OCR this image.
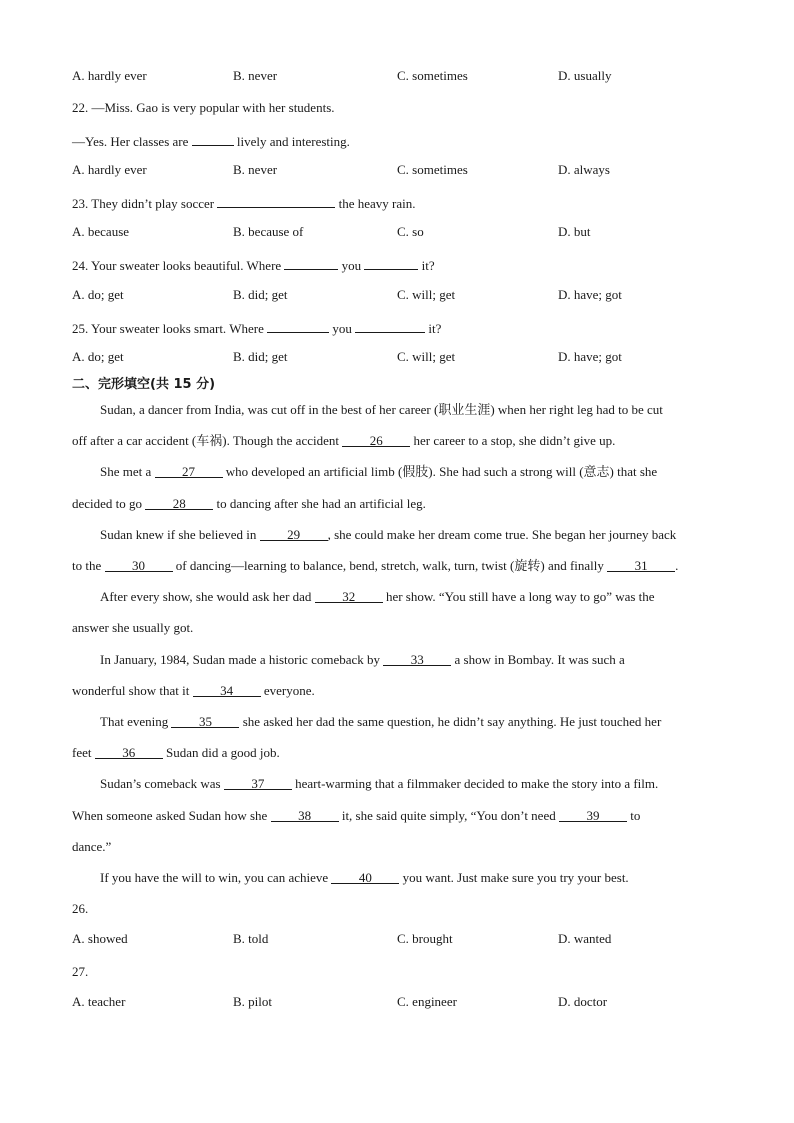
A. hardly ever	B. never	C. sometimes	D. usually
22. —Miss. Gao is very popular with her students.
—Yes. Her classes are	lively and interesting.
A. hardly ever	B. never	C. sometimes	D. always
23. They didn’t play soccer	the heavy rain.
A. because	B. because of	C. so	D. but
24. Your sweater looks beautiful. Where	you	it?
A. do; get	B. did; get	C. will; get	D. have; got
25. Your sweater looks smart. Where	you	it?
A. do; get	B. did; get	C. will; get	D. have; got
二、完形填空(共 15 分)
Sudan, a dancer from India, was cut off in the best of her career (职业生涯) when her right leg had to be cut
off after a car accident (车祸). Though the accident 26 her career to a stop, she didn’t give up.
She met a 27 who developed an artificial limb (假肢). She had such a strong will (意志) that she
decided to go 28 to dancing after she had an artificial leg.
Sudan knew if she believed in 29 , she could make her dream come true. She began her journey back
to the 30 of dancing—learning to balance, bend, stretch, walk, turn, twist (旋转) and finally 31 .
After every show, she would ask her dad 32 her show. “You still have a long way to go” was the
answer she usually got.
In January, 1984, Sudan made a historic comeback by 33 a show in Bombay. It was such a
wonderful show that it 34 everyone.
That evening 35 she asked her dad the same question, he didn’t say anything. He just touched her
feet 36 Sudan did a good job.
Sudan’s comeback was 37 heart-warming that a filmmaker decided to make the story into a film.
When someone asked Sudan how she 38 it, she said quite simply, “You don’t need 39 to
dance.”
If you have the will to win, you can achieve 40 you want. Just make sure you try your best.
26.
A. showed	B. told	C. brought	D. wanted
27.
A. teacher	B. pilot	C. engineer	D. doctor
